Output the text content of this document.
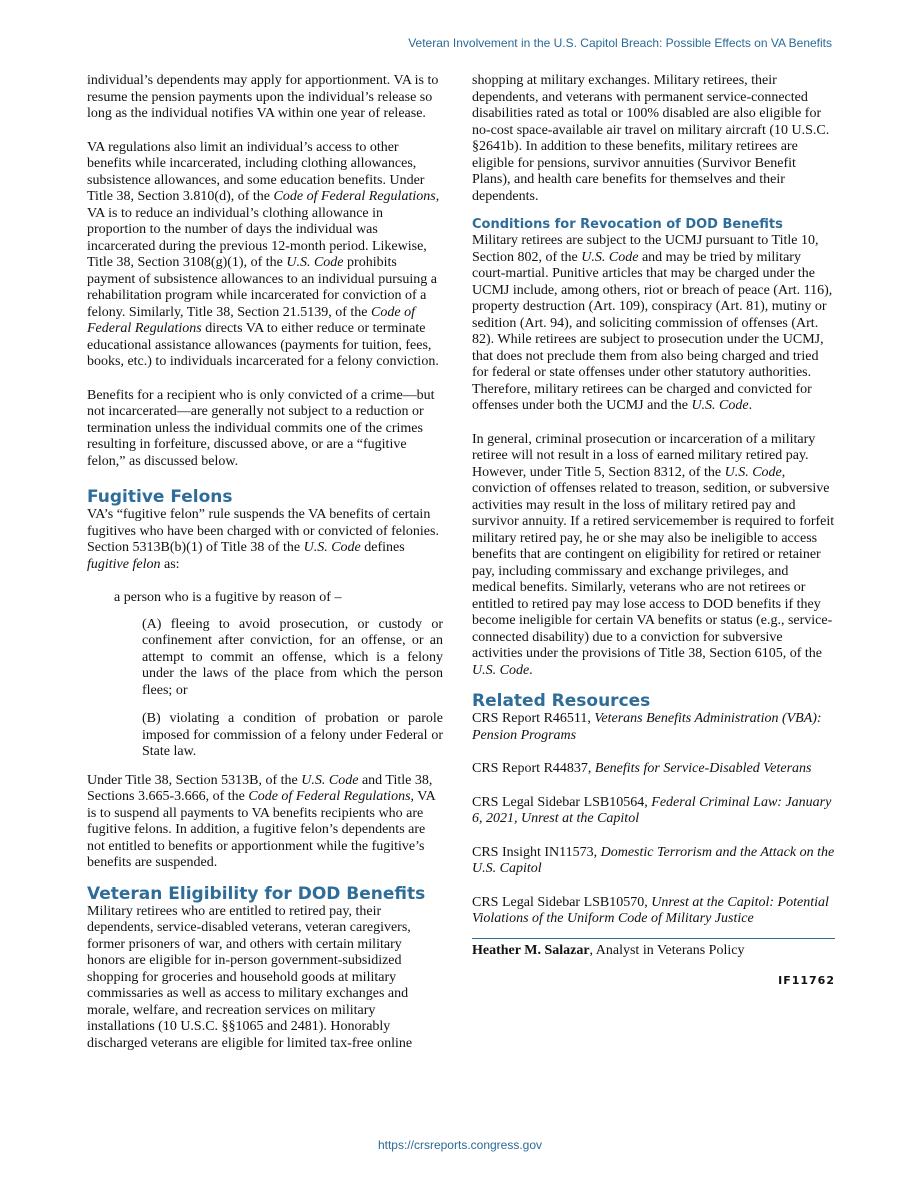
Veteran Involvement in the U.S. Capitol Breach: Possible Effects on VA Benefits

individual’s dependents may apply for apportionment. VA is to resume the pension payments upon the individual’s release so long as the individual notifies VA within one year of release.

VA regulations also limit an individual’s access to other benefits while incarcerated, including clothing allowances, subsistence allowances, and some education benefits. Under Title 38, Section 3.810(d), of the Code of Federal Regulations, VA is to reduce an individual’s clothing allowance in proportion to the number of days the individual was incarcerated during the previous 12-month period. Likewise, Title 38, Section 3108(g)(1), of the U.S. Code prohibits payment of subsistence allowances to an individual pursuing a rehabilitation program while incarcerated for conviction of a felony. Similarly, Title 38, Section 21.5139, of the Code of Federal Regulations directs VA to either reduce or terminate educational assistance allowances (payments for tuition, fees, books, etc.) to individuals incarcerated for a felony conviction.

Benefits for a recipient who is only convicted of a crime—but not incarcerated—are generally not subject to a reduction or termination unless the individual commits one of the crimes resulting in forfeiture, discussed above, or are a “fugitive felon,” as discussed below.

Fugitive Felons

VA’s “fugitive felon” rule suspends the VA benefits of certain fugitives who have been charged with or convicted of felonies. Section 5313B(b)(1) of Title 38 of the U.S. Code defines fugitive felon as:

a person who is a fugitive by reason of –

(A) fleeing to avoid prosecution, or custody or confinement after conviction, for an offense, or an attempt to commit an offense, which is a felony under the laws of the place from which the person flees; or

(B) violating a condition of probation or parole imposed for commission of a felony under Federal or State law.

Under Title 38, Section 5313B, of the U.S. Code and Title 38, Sections 3.665-3.666, of the Code of Federal Regulations, VA is to suspend all payments to VA benefits recipients who are fugitive felons. In addition, a fugitive felon’s dependents are not entitled to benefits or apportionment while the fugitive’s benefits are suspended.

Veteran Eligibility for DOD Benefits

Military retirees who are entitled to retired pay, their dependents, service-disabled veterans, veteran caregivers, former prisoners of war, and others with certain military honors are eligible for in-person government-subsidized shopping for groceries and household goods at military commissaries as well as access to military exchanges and morale, welfare, and recreation services on military installations (10 U.S.C. §§1065 and 2481). Honorably discharged veterans are eligible for limited tax-free online

shopping at military exchanges. Military retirees, their dependents, and veterans with permanent service-connected disabilities rated as total or 100% disabled are also eligible for no-cost space-available air travel on military aircraft (10 U.S.C. §2641b). In addition to these benefits, military retirees are eligible for pensions, survivor annuities (Survivor Benefit Plans), and health care benefits for themselves and their dependents.

Conditions for Revocation of DOD Benefits

Military retirees are subject to the UCMJ pursuant to Title 10, Section 802, of the U.S. Code and may be tried by military court-martial. Punitive articles that may be charged under the UCMJ include, among others, riot or breach of peace (Art. 116), property destruction (Art. 109), conspiracy (Art. 81), mutiny or sedition (Art. 94), and soliciting commission of offenses (Art. 82). While retirees are subject to prosecution under the UCMJ, that does not preclude them from also being charged and tried for federal or state offenses under other statutory authorities. Therefore, military retirees can be charged and convicted for offenses under both the UCMJ and the U.S. Code.

In general, criminal prosecution or incarceration of a military retiree will not result in a loss of earned military retired pay. However, under Title 5, Section 8312, of the U.S. Code, conviction of offenses related to treason, sedition, or subversive activities may result in the loss of military retired pay and survivor annuity. If a retired servicemember is required to forfeit military retired pay, he or she may also be ineligible to access benefits that are contingent on eligibility for retired or retainer pay, including commissary and exchange privileges, and medical benefits. Similarly, veterans who are not retirees or entitled to retired pay may lose access to DOD benefits if they become ineligible for certain VA benefits or status (e.g., service-connected disability) due to a conviction for subversive activities under the provisions of Title 38, Section 6105, of the U.S. Code.

Related Resources

CRS Report R46511, Veterans Benefits Administration (VBA): Pension Programs

CRS Report R44837, Benefits for Service-Disabled Veterans

CRS Legal Sidebar LSB10564, Federal Criminal Law: January 6, 2021, Unrest at the Capitol

CRS Insight IN11573, Domestic Terrorism and the Attack on the U.S. Capitol

CRS Legal Sidebar LSB10570, Unrest at the Capitol: Potential Violations of the Uniform Code of Military Justice

Heather M. Salazar, Analyst in Veterans Policy

IF11762
https://crsreports.congress.gov
